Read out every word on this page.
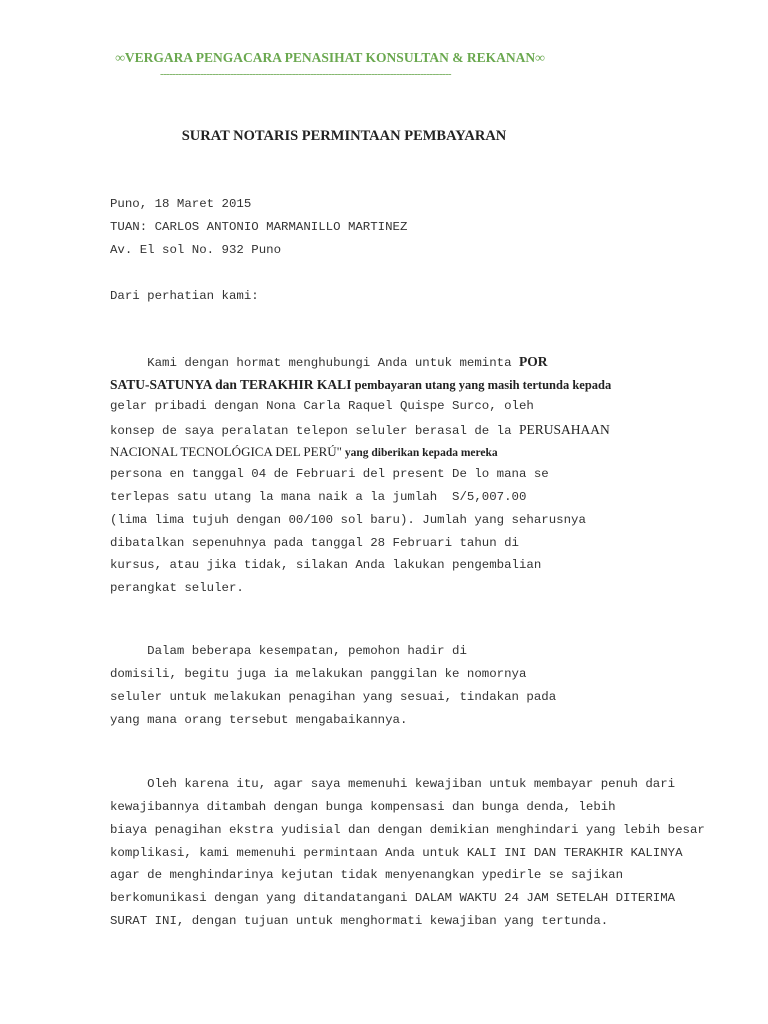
∞VERGARA PENGACARA PENASIHAT KONSULTAN & REKANAN∞
-----------------------------------------------------------------------------------------------
SURAT NOTARIS PERMINTAAN PEMBAYARAN
Puno, 18 Maret 2015
TUAN: CARLOS ANTONIO MARMANILLO MARTINEZ
Av. El sol No. 932 Puno
Dari perhatian kami:
Kami dengan hormat menghubungi Anda untuk meminta POR
SATU-SATUNYA dan TERAKHIR KALI pembayaran utang yang masih tertunda kepada
gelar pribadi dengan Nona Carla Raquel Quispe Surco, oleh
konsep de saya peralatan telepon seluler berasal de la PERUSAHAAN
NACIONAL TECNOLÓGICA DEL PERÚ" yang diberikan kepada mereka
persona en tanggal 04 de Februari del present De lo mana se
terlepas satu utang la mana naik a la jumlah  S/5,007.00
(lima lima tujuh dengan 00/100 sol baru). Jumlah yang seharusnya
dibatalkan sepenuhnya pada tanggal 28 Februari tahun di
kursus, atau jika tidak, silakan Anda lakukan pengembalian
perangkat seluler.
Dalam beberapa kesempatan, pemohon hadir di
domisili, begitu juga ia melakukan panggilan ke nomornya
seluler untuk melakukan penagihan yang sesuai, tindakan pada
yang mana orang tersebut mengabaikannya.
Oleh karena itu, agar saya memenuhi kewajiban untuk membayar penuh dari
kewajibannya ditambah dengan bunga kompensasi dan bunga denda, lebih
biaya penagihan ekstra yudisial dan dengan demikian menghindari yang lebih besar
komplikasi, kami memenuhi permintaan Anda untuk KALI INI DAN TERAKHIR KALINYA
agar de menghindarinya kejutan tidak menyenangkan ypedirle se sajikan
berkomunikasi dengan yang ditandatangani DALAM WAKTU 24 JAM SETELAH DITERIMA
SURAT INI, dengan tujuan untuk menghormati kewajiban yang tertunda.
